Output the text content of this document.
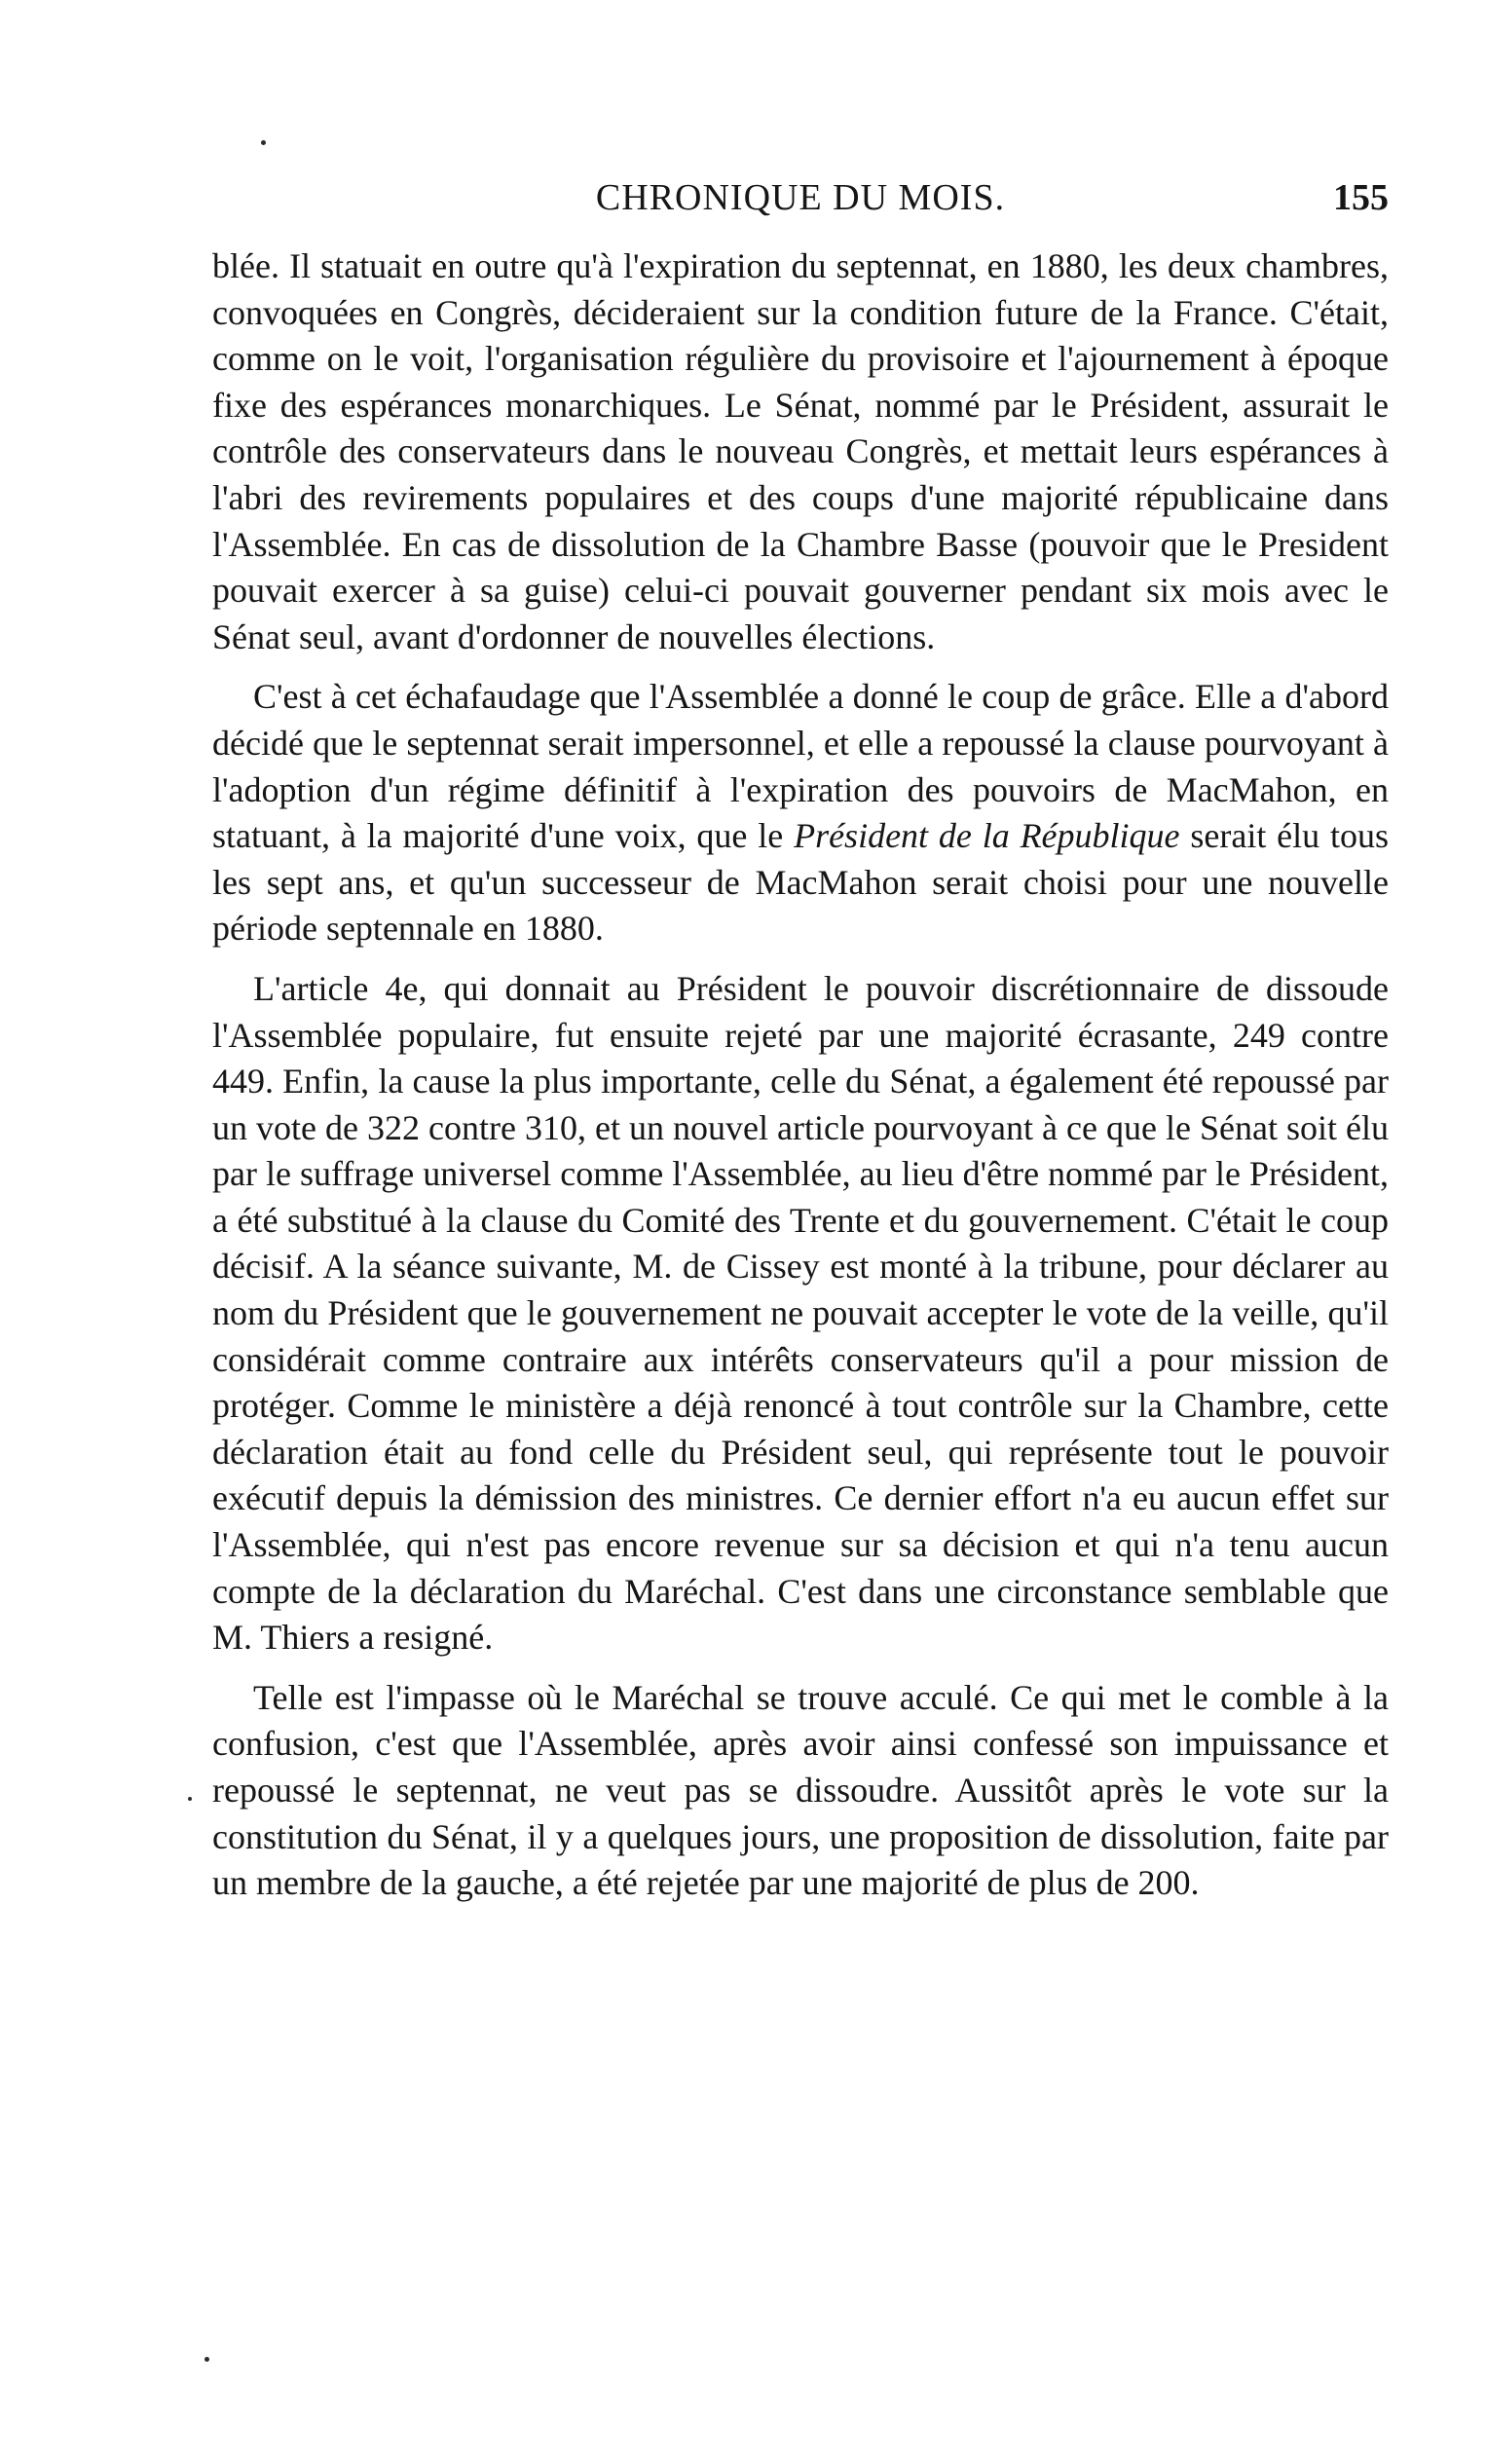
CHRONIQUE DU MOIS.	155

blée. Il statuait en outre qu'à l'expiration du septennat, en 1880, les deux chambres, convoquées en Congrès, décideraient sur la condition future de la France. C'était, comme on le voit, l'organisation régulière du provisoire et l'ajournement à époque fixe des espérances monarchiques. Le Sénat, nommé par le Président, assurait le contrôle des conservateurs dans le nouveau Congrès, et mettait leurs espérances à l'abri des revirements populaires et des coups d'une majorité républicaine dans l'Assemblée. En cas de dissolution de la Chambre Basse (pouvoir que le President pouvait exercer à sa guise) celui-ci pouvait gouverner pendant six mois avec le Sénat seul, avant d'ordonner de nouvelles élections.

C'est à cet échafaudage que l'Assemblée a donné le coup de grâce. Elle a d'abord décidé que le septennat serait impersonnel, et elle a repoussé la clause pourvoyant à l'adoption d'un régime définitif à l'expiration des pouvoirs de MacMahon, en statuant, à la majorité d'une voix, que le Président de la République serait élu tous les sept ans, et qu'un successeur de MacMahon serait choisi pour une nouvelle période septennale en 1880.

L'article 4e, qui donnait au Président le pouvoir discrétionnaire de dissoude l'Assemblée populaire, fut ensuite rejeté par une majorité écrasante, 249 contre 449. Enfin, la cause la plus importante, celle du Sénat, a également été repoussé par un vote de 322 contre 310, et un nouvel article pourvoyant à ce que le Sénat soit élu par le suffrage universel comme l'Assemblée, au lieu d'être nommé par le Président, a été substitué à la clause du Comité des Trente et du gouvernement. C'était le coup décisif. A la séance suivante, M. de Cissey est monté à la tribune, pour déclarer au nom du Président que le gouvernement ne pouvait accepter le vote de la veille, qu'il considérait comme contraire aux intérêts conservateurs qu'il a pour mission de protéger. Comme le ministère a déjà renoncé à tout contrôle sur la Chambre, cette déclaration était au fond celle du Président seul, qui représente tout le pouvoir exécutif depuis la démission des ministres. Ce dernier effort n'a eu aucun effet sur l'Assemblée, qui n'est pas encore revenue sur sa décision et qui n'a tenu aucun compte de la déclaration du Maréchal. C'est dans une circonstance semblable que M. Thiers a resigné.

Telle est l'impasse où le Maréchal se trouve acculé. Ce qui met le comble à la confusion, c'est que l'Assemblée, après avoir ainsi confessé son impuissance et repoussé le septennat, ne veut pas se dissoudre. Aussitôt après le vote sur la constitution du Sénat, il y a quelques jours, une proposition de dissolution, faite par un membre de la gauche, a été rejetée par une majorité de plus de 200.
